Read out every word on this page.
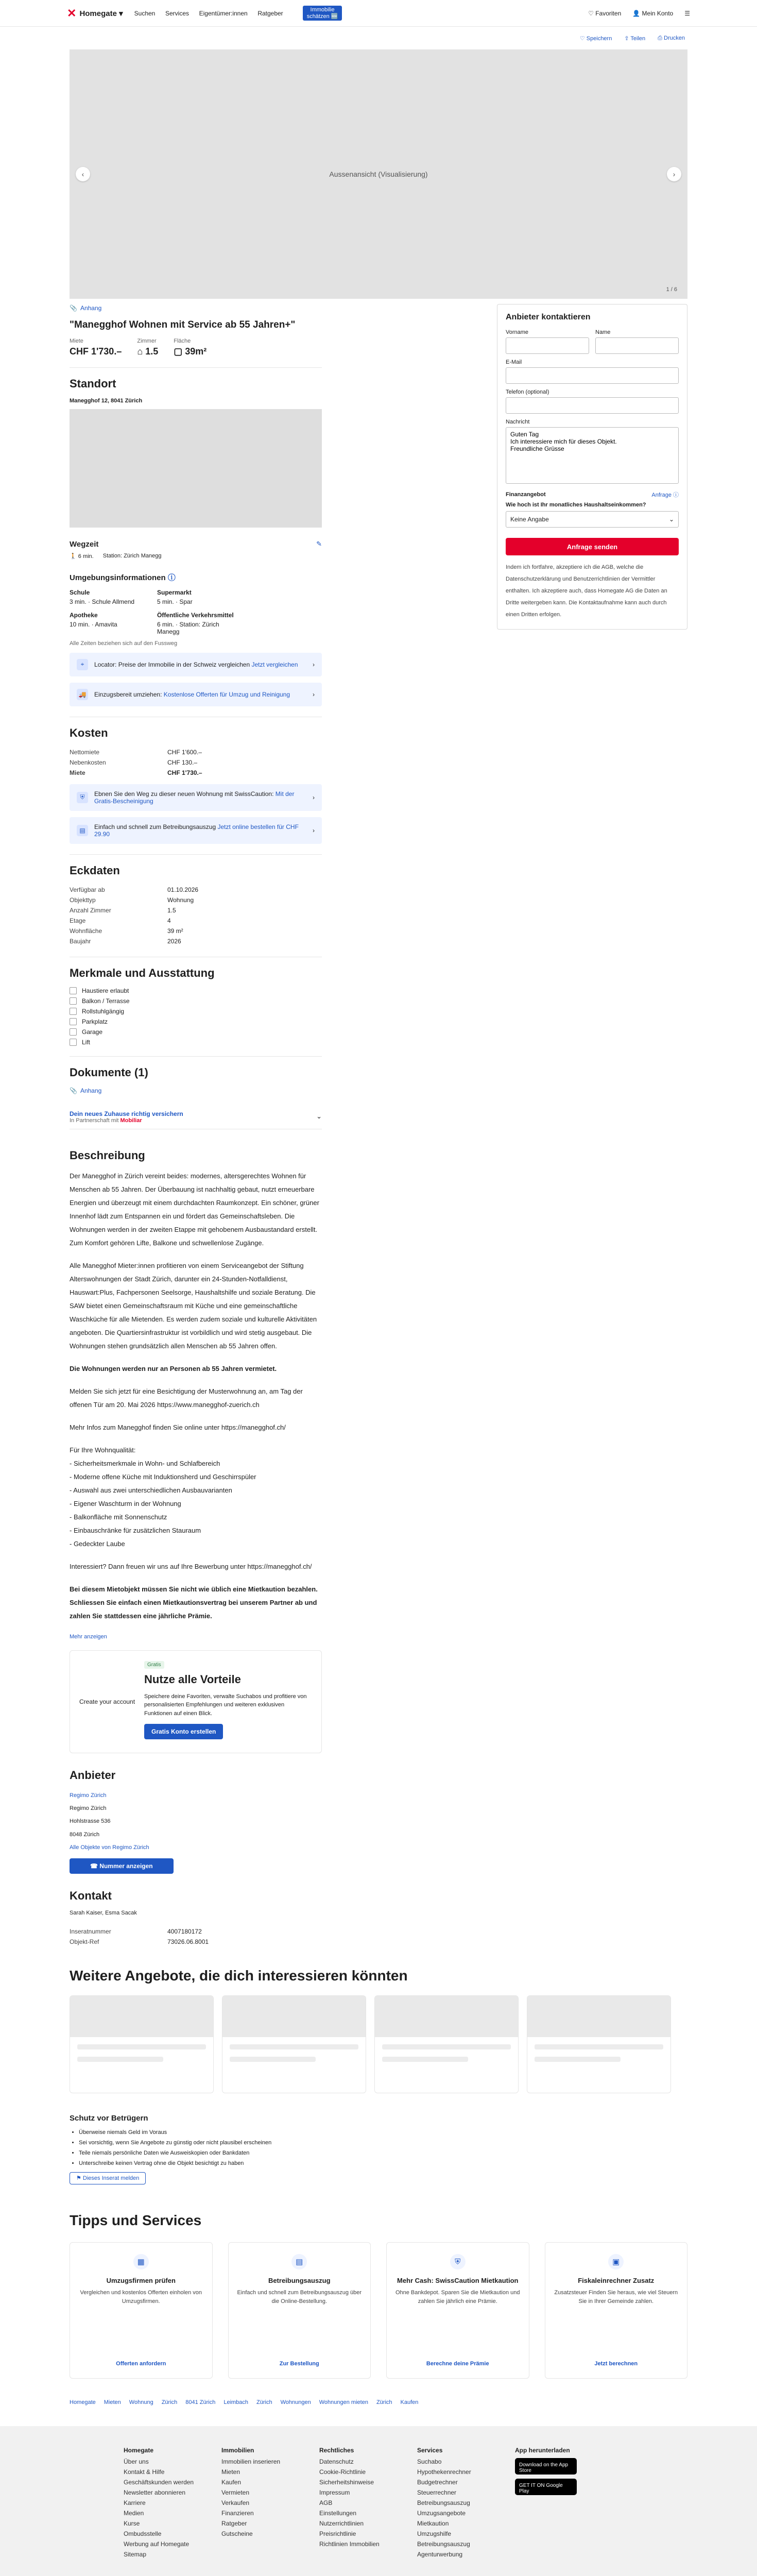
✕ Homegate ▾ Suchen Services Eigentümer:innen Ratgeber	Immobilie
schätzen 🆕	♡ Favoriten 👤 Mein Konto ☰
♡ Speichern ⇪ Teilen ⎙ Drucken
‹	Aussenansicht (Visualisierung)	›
1 / 6
📎 Anhang
"Manegghof Wohnen mit Service ab 55 Jahren+"
Miete
CHF 1'730.–
Zimmer
⌂ 1.5
Fläche
▢ 39m²
Standort
Manegghof 12, 8041 Zürich
Wegzeit	✎
🚶 6 min. Station: Zürich Manegg
Umgebungsinformationen ⓘ
Schule
3 min. · Schule Allmend
Supermarkt
5 min. · Spar
Apotheke
10 min. · Amavita
Öffentliche Verkehrsmittel
6 min. · Station: Zürich Manegg
Alle Zeiten beziehen sich auf den Fussweg
⌖	Locator: Preise der Immobilie in der Schweiz vergleichen Jetzt vergleichen	›
🚚 Einzugsbereit umziehen: Kostenlose Offerten für Umzug und Reinigung	›
Kosten
Nettomiete	CHF 1'600.–
Nebenkosten	CHF 130.–
Miete	CHF 1'730.–
⛨	Ebnen Sie den Weg zu dieser neuen Wohnung mit SwissCaution: Mit der Gratis-Bescheinigung	›
▤	Einfach und schnell zum Betreibungsauszug Jetzt online bestellen für CHF 29.90	›
Eckdaten
Verfügbar ab	01.10.2026
Objekttyp	Wohnung
Anzahl Zimmer	1.5
Etage	4
Wohnfläche	39 m²
Baujahr	2026
Merkmale und Ausstattung
Haustiere erlaubt
Balkon / Terrasse
Rollstuhlgängig
Parkplatz
Garage
Lift
Dokumente (1)
📎 Anhang
Dein neues Zuhause richtig versichern
In Partnerschaft mit Mobiliar
⌄
Beschreibung

Der Manegghof in Zürich vereint beides: modernes, altersgerechtes Wohnen für Menschen ab 55 Jahren. Der Überbauung ist nachhaltig gebaut, nutzt erneuerbare Energien und überzeugt mit einem durchdachten Raumkonzept. Ein schöner, grüner Innenhof lädt zum Entspannen ein und fördert das Gemeinschaftsleben. Die Wohnungen werden in der zweiten Etappe mit gehobenem Ausbaustandard erstellt. Zum Komfort gehören Lifte, Balkone und schwellenlose Zugänge.

Alle Manegghof Mieter:innen profitieren von einem Serviceangebot der Stiftung Alterswohnungen der Stadt Zürich, darunter ein 24-Stunden-Notfalldienst, Hauswart:Plus, Fachpersonen Seelsorge, Haushaltshilfe und soziale Beratung. Die SAW bietet einen Gemeinschaftsraum mit Küche und eine gemeinschaftliche Waschküche für alle Mietenden. Es werden zudem soziale und kulturelle Aktivitäten angeboten. Die Quartiersinfrastruktur ist vorbildlich und wird stetig ausgebaut. Die Wohnungen stehen grundsätzlich allen Menschen ab 55 Jahren offen.

Die Wohnungen werden nur an Personen ab 55 Jahren vermietet.

Melden Sie sich jetzt für eine Besichtigung der Musterwohnung an, am Tag der offenen Tür am 20. Mai 2026 https://www.manegghof-zuerich.ch

Mehr Infos zum Manegghof finden Sie online unter https://manegghof.ch/

Für Ihre Wohnqualität:
- Sicherheitsmerkmale in Wohn- und Schlafbereich
- Moderne offene Küche mit Induktionsherd und Geschirrspüler
- Auswahl aus zwei unterschiedlichen Ausbauvarianten
- Eigener Waschturm in der Wohnung
- Balkonfläche mit Sonnenschutz
- Einbauschränke für zusätzlichen Stauraum
- Gedeckter Laube

Interessiert? Dann freuen wir uns auf Ihre Bewerbung unter https://manegghof.ch/

Bei diesem Mietobjekt müssen Sie nicht wie üblich eine Mietkaution bezahlen. Schliessen Sie einfach einen Mietkautionsvertrag bei unserem Partner ab und zahlen Sie stattdessen eine jährliche Prämie.

Mehr anzeigen
Create your account
Gratis
Nutze alle Vorteile

Speichere deine Favoriten, verwalte Suchabos und profitiere von personalisierten Empfehlungen und weiteren exklusiven Funktionen auf einen Blick.

Gratis Konto erstellen
Anbieter
Regimo Zürich
Regimo Zürich
Hohlstrasse 536
8048 Zürich
Alle Objekte von Regimo Zürich
☎ Nummer anzeigen
Kontakt
Sarah Kaiser, Esma Sacak
Inseratnummer	4007180172
Objekt-Ref	73026.06.8001
Anbieter kontaktieren
Vorname	Name
E-Mail
Telefon (optional)
Nachricht
Guten Tag Ich interessiere mich für dieses Objekt. Freundliche Grüsse
Finanzangebot	Anfrage ⓘ
Wie hoch ist Ihr monatliches Haushaltseinkommen?
Keine Angabe	⌄
Anfrage senden
Indem ich fortfahre, akzeptiere ich die AGB, welche die Datenschutzerklärung und Benutzerrichtlinien der Vermittler enthalten. Ich akzeptiere auch, dass Homegate AG die Daten an Dritte weitergeben kann. Die Kontaktaufnahme kann auch durch einen Dritten erfolgen.
Weitere Angebote, die dich interessieren könnten
Schutz vor Betrügern
• Überweise niemals Geld im Voraus
• Sei vorsichtig, wenn Sie Angebote zu günstig oder nicht plausibel erscheinen
• Teile niemals persönliche Daten wie Ausweiskopien oder Bankdaten
• Unterschreibe keinen Vertrag ohne die Objekt besichtigt zu haben
⚑ Dieses Inserat melden
Tipps und Services
▦
Umzugsfirmen prüfen

Vergleichen und kostenlos Offerten einholen von Umzugsfirmen.

Offerten anfordern
▤
Betreibungsauszug

Einfach und schnell zum Betreibungsauszug über die Online-Bestellung.

Zur Bestellung
⛨
Mehr Cash: SwissCaution Mietkaution

Ohne Bankdepot. Sparen Sie die Mietkaution und zahlen Sie jährlich eine Prämie.

Berechne deine Prämie
▣
Fiskaleinrechner Zusatz

Zusatzsteuer Finden Sie heraus, wie viel Steuern Sie in Ihrer Gemeinde zahlen.

Jetzt berechnen
Homegate Mieten Wohnung Zürich 8041 Zürich Leimbach Zürich Wohnungen Wohnungen mieten Zürich Kaufen
Homegate
Über uns
Kontakt & Hilfe
Geschäftskunden werden
Newsletter abonnieren
Karriere
Medien
Kurse
Ombudsstelle
Werbung auf Homegate
Sitemap
Immobilien
Immobilien inserieren
Mieten
Kaufen
Vermieten
Verkaufen
Finanzieren
Ratgeber
Gutscheine
Rechtliches
Datenschutz
Cookie-Richtlinie
Sicherheitshinweise
Impressum
AGB
Einstellungen
Nutzerrichtlinien
Preisrichtlinie
Richtlinien Immobilien
Services
Suchabo
Hypothekenrechner
Budgetrechner
Steuerrechner
Betreibungsauszug
Umzugsangebote
Mietkaution
Umzugshilfe
Betreibungsauszug
Agenturwerbung
App herunterladen
Download on the App Store
GET IT ON Google Play
